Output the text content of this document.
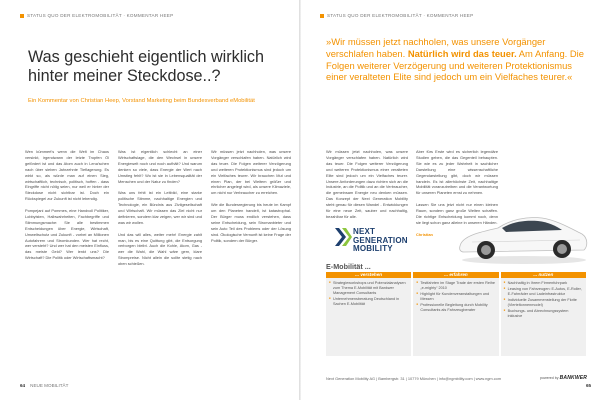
STATUS QUO DER ELEKTROMOBILITÄT · KOMMENTAR HEEP	STATUS QUO DER ELEKTROMOBILITÄT · KOMMENTAR HEEP
Was geschieht eigentlich wirklich hinter meiner Steckdose..?

Ein Kommentar von Christian Heep, Vorstand Marketing beim Bundesverband eMobilität

»Wir müssen jetzt nachholen, was unsere Vorgänger verschlafen haben. Natürlich wird das teuer. Am Anfang. Die Folgen weiterer Verzögerung und weiteren Protektionismus einer veralteten Elite sind jedoch um ein Vielfaches teurer.«

Wen kümmert's wenn die Welt im Chaos versinkt, irgendwann der letzte Tropfen Öl gefördert ist und das Atom auch in Lena'schen nach über sieben Jahrzehnte Tieflagerung. Es wirkt so, als würde man auf einen Sieg, wirtschaftlich, technisch, politisch, hoffen - dass Eingriffe nicht nötig seien, nur weil er hinter der Steckdose nicht sichtbar ist. Doch ein Rückspiegel zur Zukunft ist nicht lebendig.

Pompejani auf Pommes, eine Handvoll Politiker, Lobbyisten, Halbwahrheiten, Fachbegriffe und Stimmungsmache: Sie alle bestimmen Entscheidungen über Energie, Wirtschaft, Umweltschutz und Zukunft - vorbei an Millionen Autofahrern und Stromkunden. Wer hat recht, wer versteht? Und wer hat den meisten Einfluss, das meiste Geld? Wer lenkt uns? Die Wirtschaft? Die Politik oder Wirtschaftsmacht?

Was ist eigentlich schlecht an einer Wirtschaftslage, die den Wechsel in unsere Energiewelt noch und noch aufhält? Und warum denken so viele, dass Energie der Wert nach Umstieg fehlt? Wo ist sie in Lebensqualität der Menschen und der Natur zu finden?

Was uns fehlt ist ein Leitbild, eine starke politische Stimme, nachhaltige Energien und Technologie, ein Bündnis aus Zivilgesellschaft und Wirtschaft. Wir müssen das Ziel nicht nur definieren, sondern klar zeigen, wer wir sind und was wir wollen.

Und das will alles, weiter mehr! Energie zahlt man, bis es eine Quittung gibt, die Entsorgung verborgen bleibt. Auch die Kohle, Atom, Gas - wer die Wahl, die Wahl wäre gern, klare Strompreise. Nicht allein die sollte stetig nach oben schießen.

Wir müssen jetzt nachholen, was unsere Vorgänger verschlafen haben. Natürlich wird das teuer. Die Folgen weiterer Verzögerung und weiteren Protektionismus sind jedoch um ein Vielfaches teurer. Wir brauchen Mut und einen Plan, der bei Weitem größer und ehrlicher angelegt wird, als unsere Klimaziele, um nicht nur Verbraucher zu erreichen.

Wie die Bundesregierung bis heute im Kampf um den Planeten handelt, ist katastrophal. Der Bürger muss endlich verstehen, dass seine Entscheidung, sein Stromanbieter und sein Auto Teil des Problems oder der Lösung sind. Ökologische Vernunft ist keine Frage der Politik, sondern der Bürger.

Wir müssen jetzt nachholen, was unsere Vorgänger verschlafen haben. Natürlich wird das teuer. Die Folgen weiterer Verzögerung und weiteren Protektionismus einer veralteten Elite sind jedoch um ein Vielfaches teurer. Unsere Anforderungen dazu richten sich an die Industrie, an die Politik und an die Verbraucher, die gemeinsam Energie neu denken müssen. Das Konzept der Next Generation Mobility steht genau für diesen Wandel - Entwicklungen für eine neue Zeit, sauber und nachhaltig, bezahlbar für alle.

Aber fürs Erste wird es sicherlich legendäre Studien geben, die das Gegenteil behaupten. Sie wie es zu jeder Wahrheit in sachlicher Darstellung eine wissenschaftliche Gegendarstellung gibt, doch wir müssen handeln. Es ist allerhöchste Zeit, nachhaltige Mobilität voranzutreiben und die Verantwortung für unseren Planeten ernst zu nehmen.

Lassen Sie uns jetzt nicht nur einen kleinen Raum, sondern ganz große Welten schaffen. Die richtige Entscheidung kommt noch, denn sie liegt schon ganz alleine in unseren Händen.

Christian

NEXT
GENERATION
MOBILITY
E-Mobilität ...
... verstehen
■ Strategieworkshops und Potenzialanalysen zum Thema E-Mobilität mit Bankwer Management Consultants
■ Unternehmensberatung Deutschland in Sachen E-Mobilität
... erfahren
■ Testfahrten im Stage Trade der ersten Reihe „e-mighty“ 2010
■ Highlight für Kundenveranstaltungen und Messen
■ Professionelle Begleitung durch Mobility Consultants als Fahrzeugberater
... nutzen
■ Nachhaltig in Ihrem Firmenfuhrpark
■ Leasing von Fahrzeugen: E-Autos, E-Roller, E-Fahrräder und Ladeinfrastruktur
■ Individuelle Zusammenstellung der Flotte (Vierteltonnenmodel)
■ Buchungs- und Abrechnungssystem inklusive
Next Generation Mobility AG | Bambergstr. 31 | 10779 München | info@ngmbility.com | www.ngm.com	powered by BANKWER
64 NEUE MOBILITÄT	65
